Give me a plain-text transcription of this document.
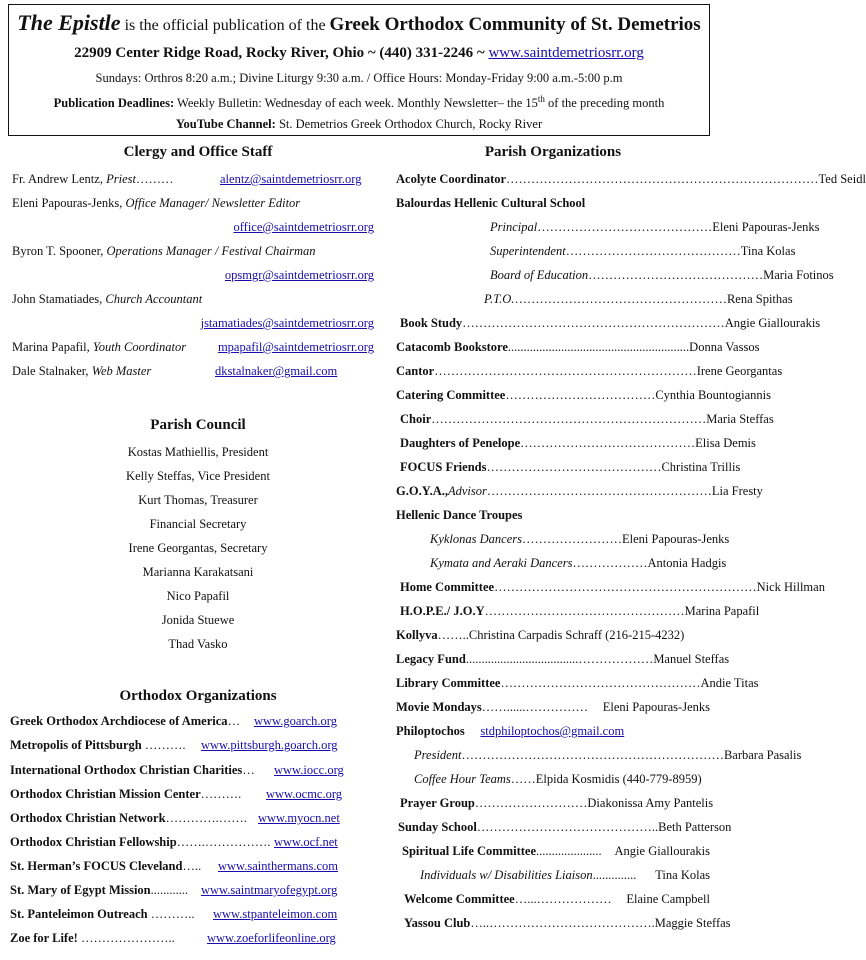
The Epistle is the official publication of the Greek Orthodox Community of St. Demetrios
22909 Center Ridge Road, Rocky River, Ohio ~ (440) 331-2246 ~ www.saintdemetriosrr.org
Sundays: Orthros 8:20 a.m.; Divine Liturgy 9:30 a.m. / Office Hours: Monday-Friday 9:00 a.m.-5:00 p.m
Publication Deadlines: Weekly Bulletin: Wednesday of each week. Monthly Newsletter– the 15th of the preceding month
YouTube Channel: St. Demetrios Greek Orthodox Church, Rocky River
Clergy and Office Staff
Fr. Andrew Lentz, Priest………	alentz@saintdemetriosrr.org
Eleni Papouras-Jenks, Office Manager/ Newsletter Editor
office@saintdemetriosrr.org
Byron T. Spooner, Operations Manager / Festival Chairman
opsmgr@saintdemetriosrr.org
John Stamatiades, Church Accountant
jstamatiades@saintdemetriosrr.org
Marina Papafil, Youth Coordinator	mpapafil@saintdemetriosrr.org
Dale Stalnaker, Web Master	dkstalnaker@gmail.com
Parish Council
Kostas Mathiellis, President
Kelly Steffas, Vice President
Kurt Thomas, Treasurer
Financial Secretary
Irene Georgantas, Secretary
Marianna Karakatsani
Nico Papafil
Jonida Stuewe
Thad Vasko
Orthodox Organizations
Greek Orthodox Archdiocese of America… www.goarch.org
Metropolis of Pittsburgh ………. www.pittsburgh.goarch.org
International Orthodox Christian Charities… www.iocc.org
Orthodox Christian Mission Center………. www.ocmc.org
Orthodox Christian Network………….……. www.myocn.net
Orthodox Christian Fellowship…….……………. www.ocf.net
St. Herman’s FOCUS Cleveland….. www.sainthermans.com
St. Mary of Egypt Mission............ www.saintmaryofegypt.org
St. Panteleimon Outreach ……….. www.stpanteleimon.com
Zoe for Life! …………………..	www.zoeforlifeonline.org
Parish Organizations
Acolyte Coordinator ………………………………………………………………… Ted Seidl
Balourdas Hellenic Cultural School
Principal …………………………………… Eleni Papouras-Jenks
Superintendent …………………………………… Tina Kolas
Board of Education …………………………………… Maria Fotinos
P.T.O. …………………………………………… Rena Spithas
Book Study ……………………………………………………… Angie Giallourakis
Catacomb Bookstore .......................................................... Donna Vassos
Cantor ……………………………………………………… Irene Georgantas
Catering Committee ……………………………… Cynthia Bountogiannis
Choir ………………………………………………………… Maria Steffas
Daughters of Penelope …………………………………… Elisa Demis
FOCUS Friends …………………………………… Christina Trillis
G.O.Y.A., Advisor ……………………………………………… Lia Fresty
Hellenic Dance Troupes
Kyklonas Dancers …………………… Eleni Papouras-Jenks
Kymata and Aeraki Dancers ……………… Antonia Hadgis
Home Committee ……………………………………………………… Nick Hillman
H.O.P.E./ J.O.Y ………………………………………… Marina Papafil
Kollyva …….. Christina Carpadis Schraff (216-215-4232)
Legacy Fund ....................................……………… Manuel Steffas
Library Committee ………………………………………… Andie Titas
Movie Mondays ……......……………	Eleni Papouras-Jenks
Philoptochos
stdphiloptochos@gmail.com
President ……………………………………………………… Barbara Pasalis
Coffee Hour Teams …… Elpida Kosmidis (440-779-8959)
Prayer Group ……………………… Diakonissa Amy Pantelis
Sunday School …………………………………….. Beth Patterson
Spiritual Life Committee .....................	Angie Giallourakis
Individuals w/ Disabilities Liaison ..............	Tina Kolas
Welcome Committee …...………………	Elaine Campbell
Yassou Club …..…………………………………. Maggie Steffas
